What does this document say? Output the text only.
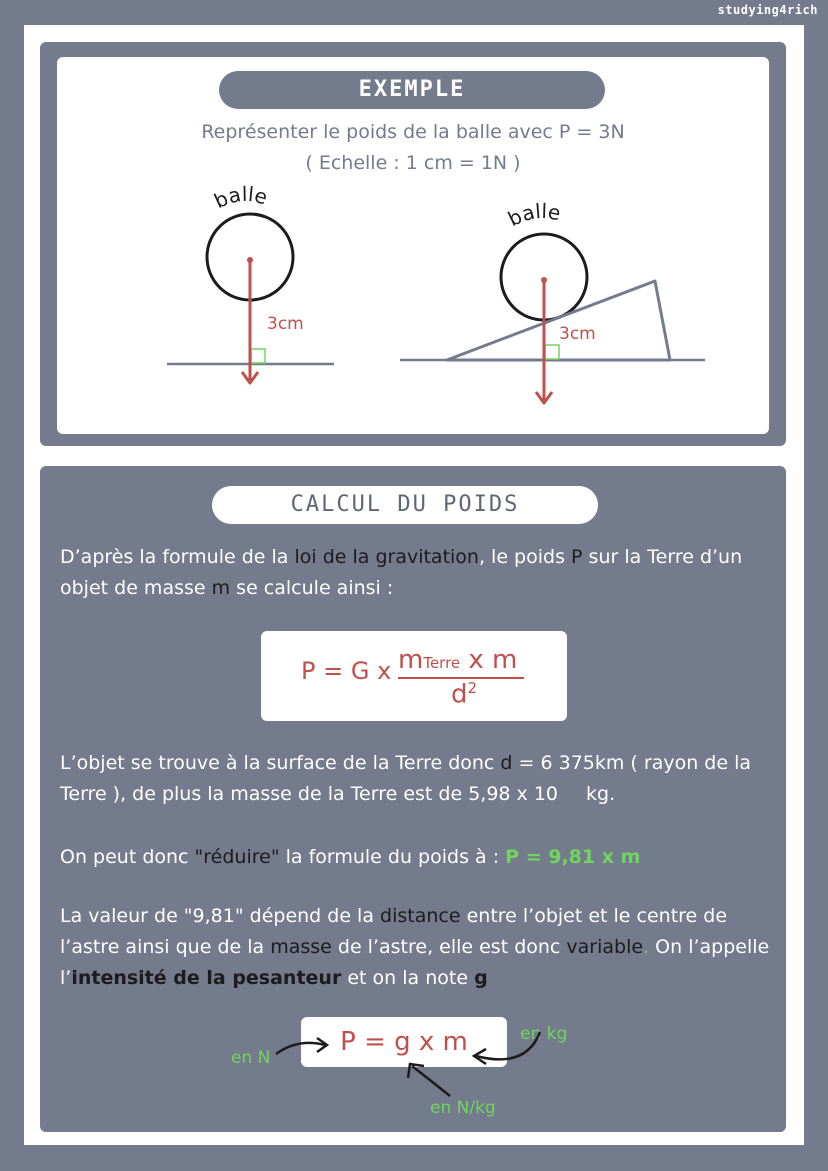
studying4rich
EXEMPLE
Représenter le poids de la balle avec P = 3N
( Echelle : 1 cm = 1N )
balle
3cm
balle
3cm
CALCUL DU POIDS
D’après la formule de la loi de la gravitation, le poids P sur la Terre d’un objet de masse m se calcule ainsi :
P = G x mTerre x m
$d^2$
L’objet se trouve à la surface de la Terre donc d = 6 375km ( rayon de la Terre ), de plus la masse de la Terre est de 5,98 x 10 kg.
On peut donc "réduire" la formule du poids à : P = 9,81 x m
La valeur de "9,81" dépend de la distance entre l’objet et le centre de l’astre ainsi que de la masse de l’astre, elle est donc variable. On l’appelle l’intensité de la pesanteur et on la note g
P = g x m
en N
en kg
en N/kg
